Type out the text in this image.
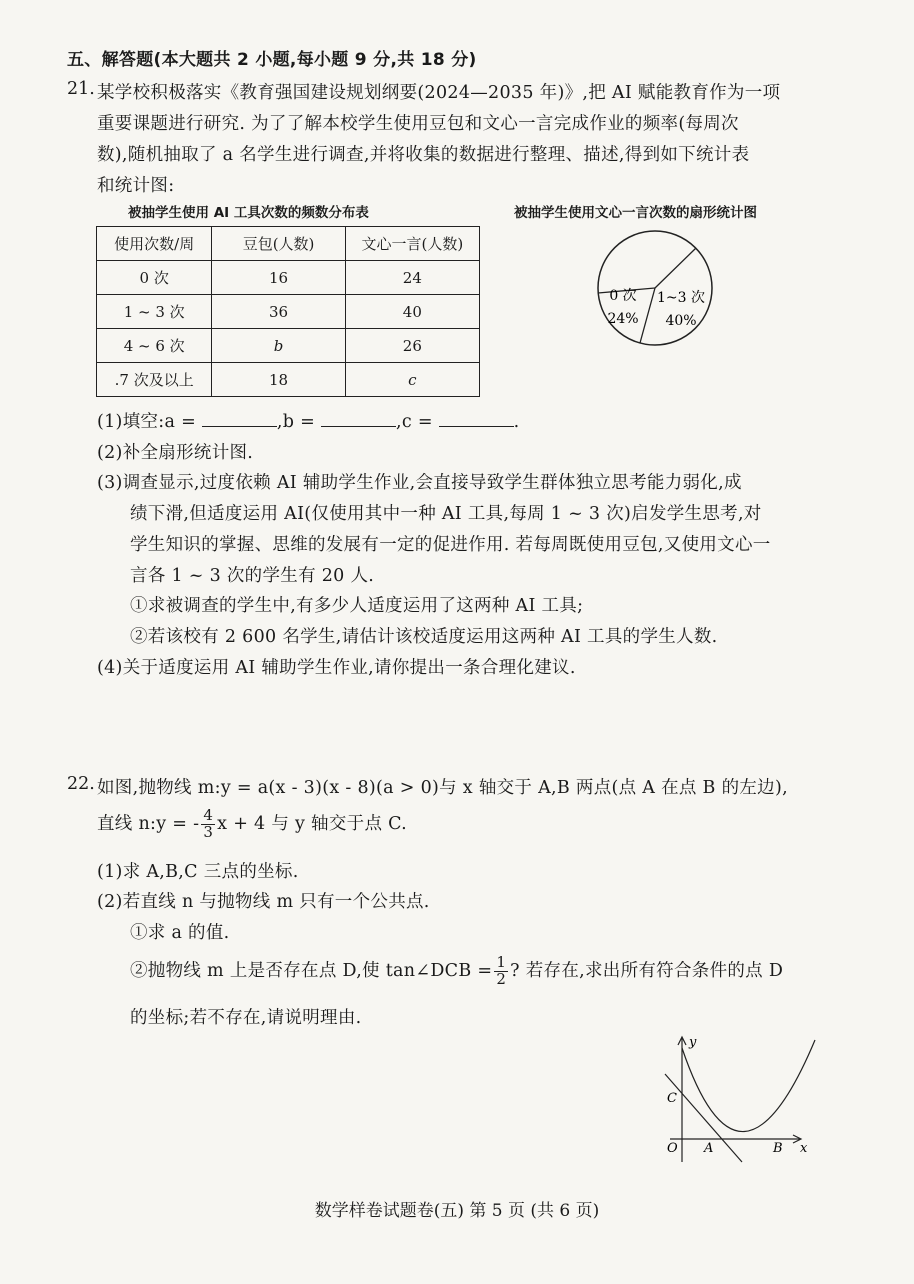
五、解答题(本大题共 2 小题,每小题 9 分,共 18 分)
21. 某学校积极落实《教育强国建设规划纲要(2024—2035 年)》,把 AI 赋能教育作为一项
重要课题进行研究. 为了了解本校学生使用豆包和文心一言完成作业的频率(每周次
数),随机抽取了 a 名学生进行调查,并将收集的数据进行整理、描述,得到如下统计表
和统计图:
被抽学生使用 AI 工具次数的频数分布表	被抽学生使用文心一言次数的扇形统计图
使用次数/周	豆包(人数)	文心一言(人数)
0 次	16	24
1 ~ 3 次	36	40
4 ~ 6 次	b	26
.7 次及以上	18	c
0 次
24%
1~3 次
40%
(1)填空:a =	,b =	,c =	.
(2)补全扇形统计图.
(3)调查显示,过度依赖 AI 辅助学生作业,会直接导致学生群体独立思考能力弱化,成
绩下滑,但适度运用 AI(仅使用其中一种 AI 工具,每周 1 ~ 3 次)启发学生思考,对
学生知识的掌握、思维的发展有一定的促进作用. 若每周既使用豆包,又使用文心一
言各 1 ~ 3 次的学生有 20 人.
①求被调查的学生中,有多少人适度运用了这两种 AI 工具;
②若该校有 2 600 名学生,请估计该校适度运用这两种 AI 工具的学生人数.
(4)关于适度运用 AI 辅助学生作业,请你提出一条合理化建议.
22. 如图,抛物线 m:y = a(x - 3)(x - 8)(a > 0)与 x 轴交于 A,B 两点(点 A 在点 B 的左边),
直线 n:y = - $\frac{4}{3}$ x + 4 与 y 轴交于点 C.
(1)求 A,B,C 三点的坐标.
(2)若直线 n 与抛物线 m 只有一个公共点.
①求 a 的值.
②抛物线 m 上是否存在点 D,使 tan∠DCB = $\frac{1}{2}$ ? 若存在,求出所有符合条件的点 D
的坐标;若不存在,请说明理由.
y
x
C
O A	B
数学样卷试题卷(五) 第 5 页 (共 6 页)
